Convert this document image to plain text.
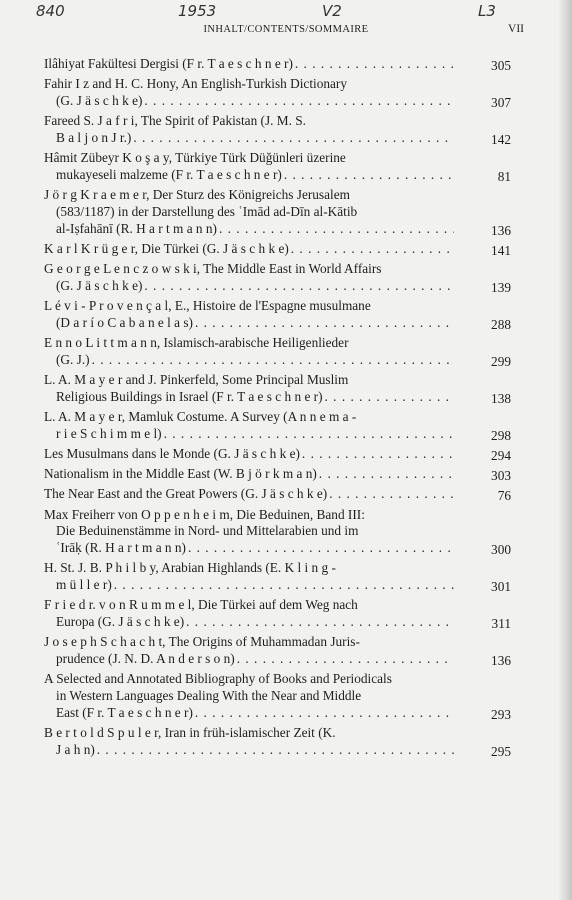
840	1953	V2	L3
INHALT/CONTENTS/SOMMAIRE	VII
Ilâhiyat Fakültesi Dergisi (F r. T a e s c h n e r) . . .	305
Fahir I z and H. C. Hony, An English-Turkish Dictionary
(G. J ä s c h k e) . . .	307
Fareed S. J a f r i, The Spirit of Pakistan (J. M. S.
B a l j o n J r.) . . .	142
Hâmit Zübeyr K o ş a y, Türkiye Türk Düğünleri üzerine
mukayeseli malzeme (F r. T a e s c h n e r) . . .	81
J ö r g K r a e m e r, Der Sturz des Königreichs Jerusalem
(583/1187) in der Darstellung des ʿImād ad-Dīn al-Kātib
al-Iṣfahānī (R. H a r t m a n n) . . .	136
K a r l K r ü g e r, Die Türkei (G. J ä s c h k e) . . .	141
G e o r g e L e n c z o w s k i, The Middle East in World Affairs
(G. J ä s c h k e) . . .	139
L é v i - P r o v e n ç a l, E., Histoire de l'Espagne musulmane
(D a r í o C a b a n e l a s) . . .	288
E n n o L i t t m a n n, Islamisch-arabische Heiligenlieder
(G. J.) . . .	299
L. A. M a y e r and J. Pinkerfeld, Some Principal Muslim
Religious Buildings in Israel (F r. T a e s c h n e r) . . .	138
L. A. M a y e r, Mamluk Costume. A Survey (A n n e m a -
r i e S c h i m m e l) . . .	298
Les Musulmans dans le Monde (G. J ä s c h k e) . . .	294
Nationalism in the Middle East (W. B j ö r k m a n) . . .	303
The Near East and the Great Powers (G. J ä s c h k e) . . .	76
Max Freiherr von O p p e n h e i m, Die Beduinen, Band III:
Die Beduinenstämme in Nord- und Mittelarabien und im
ʿIrāḳ (R. H a r t m a n n) . . .	300
H. St. J. B. P h i l b y, Arabian Highlands (E. K l i n g -
m ü l l e r) . . .	301
F r i e d r. v o n R u m m e l, Die Türkei auf dem Weg nach
Europa (G. J ä s c h k e) . . .	311
J o s e p h S c h a c h t, The Origins of Muhammadan Juris-
prudence (J. N. D. A n d e r s o n) . . .	136
A Selected and Annotated Bibliography of Books and Periodicals
in Western Languages Dealing With the Near and Middle
East (F r. T a e s c h n e r) . . .	293
B e r t o l d S p u l e r, Iran in früh-islamischer Zeit (K.
J a h n) . . .	295
